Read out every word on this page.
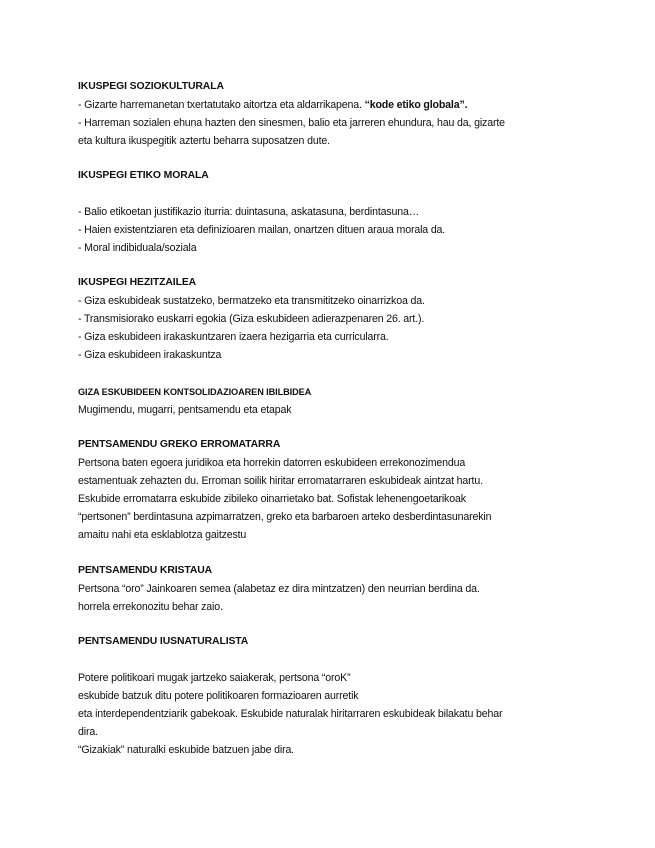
IKUSPEGI SOZIOKULTURALA
- Gizarte harremanetan txertatutako aitortza eta aldarrikapena. “kode etiko globala”.
- Harreman sozialen ehuna hazten den sinesmen, balio eta jarreren ehundura, hau da, gizarte
eta kultura ikuspegitik aztertu beharra suposatzen dute.
IKUSPEGI ETIKO MORALA
- Balio etikoetan justifikazio iturria: duintasuna, askatasuna, berdintasuna…
- Haien existentziaren eta definizioaren mailan, onartzen dituen araua morala da.
- Moral indibiduala/soziala
IKUSPEGI HEZITZAILEA
- Giza eskubideak sustatzeko, bermatzeko eta transmititzeko oinarrizkoa da.
- Transmisiorako euskarri egokia (Giza eskubideen adierazpenaren 26. art.).
- Giza eskubideen irakaskuntzaren izaera hezigarria eta curricularra.
- Giza eskubideen irakaskuntza
GIZA ESKUBIDEEN KONTSOLIDAZIOAREN IBILBIDEA
Mugimendu, mugarri, pentsamendu eta etapak
PENTSAMENDU GREKO ERROMATARRA
Pertsona baten egoera juridikoa eta horrekin datorren eskubideen errekonozimendua
estamentuak zehazten du. Erroman soilik hiritar erromatarraren eskubideak aintzat hartu.
Eskubide erromatarra eskubide zibileko oinarrietako bat. Sofistak lehenengoetarikoak
“pertsonen” berdintasuna azpimarratzen, greko eta barbaroen arteko desberdintasunarekin
amaitu nahi eta esklablotza gaitzestu
PENTSAMENDU KRISTAUA
Pertsona “oro” Jainkoaren semea (alabetaz ez dira mintzatzen) den neurrian berdina da.
horrela errekonozitu behar zaio.
PENTSAMENDU IUSNATURALISTA
Potere politikoari mugak jartzeko saiakerak, pertsona “oroK”
eskubide batzuk ditu potere politikoaren formazioaren aurretik
eta interdependentziarik gabekoak. Eskubide naturalak hiritarraren eskubideak bilakatu behar
dira.
“Gizakiak” naturalki eskubide batzuen jabe dira.
